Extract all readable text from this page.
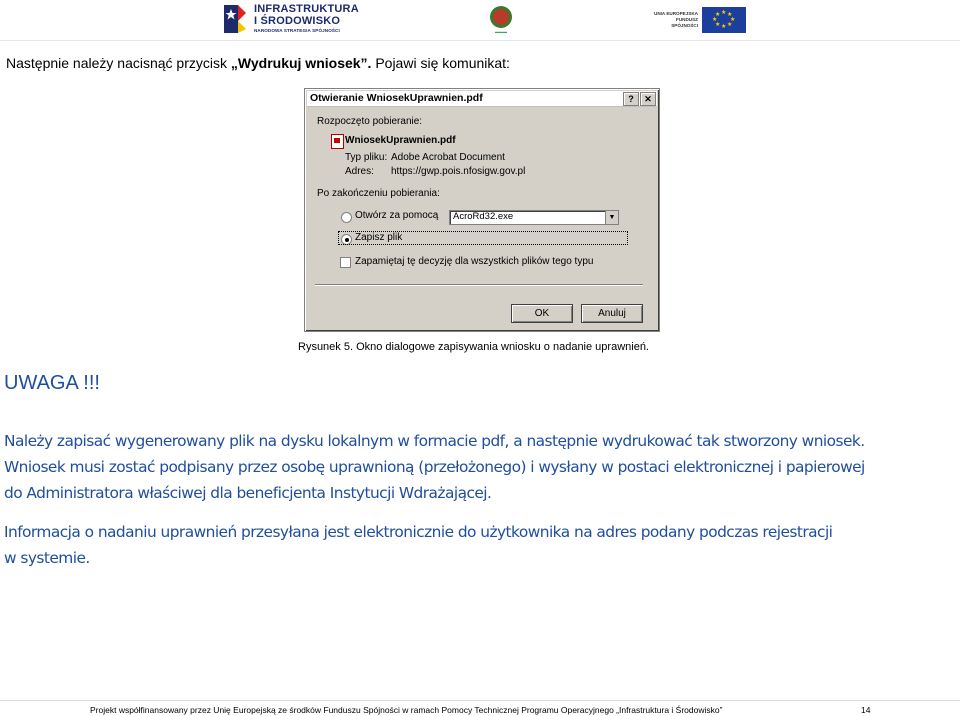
INFRASTRUKTURA
I ŚRODOWISKO
NARODOWA STRATEGIA SPÓJNOŚCI	▬▬▬
UNIA EUROPEJSKA
FUNDUSZ SPÓJNOŚCI
★ ★
★
★
★
★
★
★
Następnie należy nacisnąć przycisk „Wydrukuj wniosek”. Pojawi się komunikat:
Otwieranie WniosekUprawnien.pdf	?	✕
Rozpoczęto pobieranie:
WniosekUprawnien.pdf
Typ pliku: Adobe Acrobat Document
Adres: https://gwp.pois.nfosigw.gov.pl
Po zakończeniu pobierania:
Otwórz za pomocą AcroRd32.exe	▼
Zapisz plik
Zapamiętaj tę decyzję dla wszystkich plików tego typu
OK	Anuluj
Rysunek 5. Okno dialogowe zapisywania wniosku o nadanie uprawnień.
UWAGA !!!
Należy zapisać wygenerowany plik na dysku lokalnym w formacie pdf, a następnie wydrukować tak stworzony wniosek.
Wniosek musi zostać podpisany przez osobę uprawnioną (przełożonego) i wysłany w postaci elektronicznej i papierowej
do Administratora właściwej dla beneficjenta Instytucji Wdrażającej.
Informacja o nadaniu uprawnień przesyłana jest elektronicznie do użytkownika na adres podany podczas rejestracji
w systemie.
Projekt współfinansowany przez Unię Europejską ze środków Funduszu Spójności w ramach Pomocy Technicznej Programu Operacyjnego „Infrastruktura i Środowisko”	14
